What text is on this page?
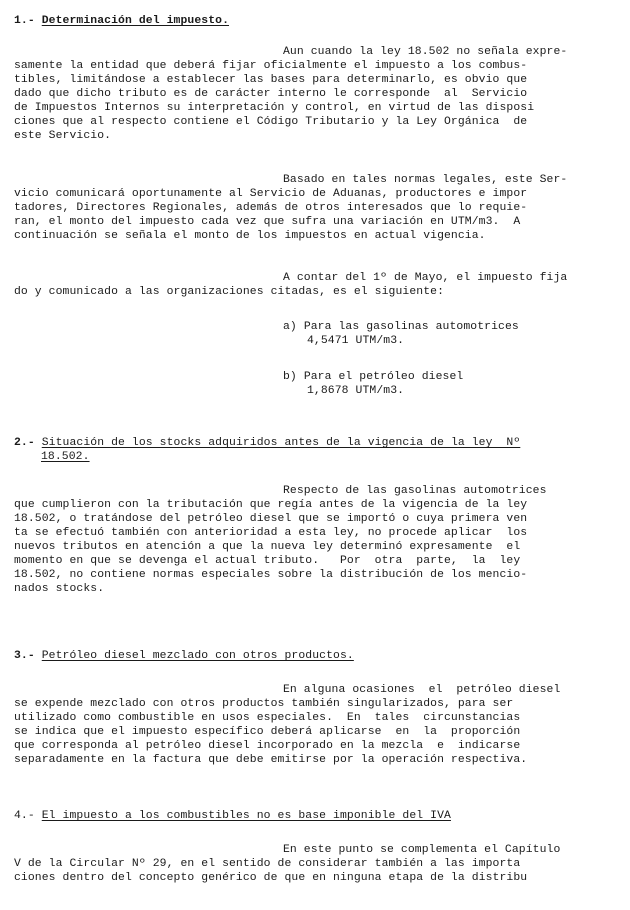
1.- Determinación del impuesto.
Aun cuando la ley 18.502 no señala expre-
samente la entidad que deberá fijar oficialmente el impuesto a los combus-
tibles, limitándose a establecer las bases para determinarlo, es obvio que
dado que dicho tributo es de carácter interno le corresponde  al  Servicio
de Impuestos Internos su interpretación y control, en virtud de las disposi
ciones que al respecto contiene el Código Tributario y la Ley Orgánica  de
este Servicio.
Basado en tales normas legales, este Ser-
vicio comunicará oportunamente al Servicio de Aduanas, productores e impor
tadores, Directores Regionales, además de otros interesados que lo requie-
ran, el monto del impuesto cada vez que sufra una variación en UTM/m3.  A
continuación se señala el monto de los impuestos en actual vigencia.
A contar del 1º de Mayo, el impuesto fija
do y comunicado a las organizaciones citadas, es el siguiente:
a) Para las gasolinas automotrices
4,5471 UTM/m3.
b) Para el petróleo diesel
1,8678 UTM/m3.
2.- Situación de los stocks adquiridos antes de la vigencia de la ley  Nº
18.502.
Respecto de las gasolinas automotrices
que cumplieron con la tributación que regía antes de la vigencia de la ley
18.502, o tratándose del petróleo diesel que se importó o cuya primera ven
ta se efectuó también con anterioridad a esta ley, no procede aplicar  los
nuevos tributos en atención a que la nueva ley determinó expresamente  el
momento en que se devenga el actual tributo.   Por  otra  parte,  la  ley
18.502, no contiene normas especiales sobre la distribución de los mencio-
nados stocks.
3.- Petróleo diesel mezclado con otros productos.
En alguna ocasiones  el  petróleo diesel
se expende mezclado con otros productos también singularizados, para ser
utilizado como combustible en usos especiales.  En  tales  circunstancias
se indica que el impuesto específico deberá aplicarse  en  la  proporción
que corresponda al petróleo diesel incorporado en la mezcla  e  indicarse
separadamente en la factura que debe emitirse por la operación respectiva.
4.- El impuesto a los combustibles no es base imponible del IVA
En este punto se complementa el Capítulo
V de la Circular Nº 29, en el sentido de considerar también a las importa
ciones dentro del concepto genérico de que en ninguna etapa de la distribu
